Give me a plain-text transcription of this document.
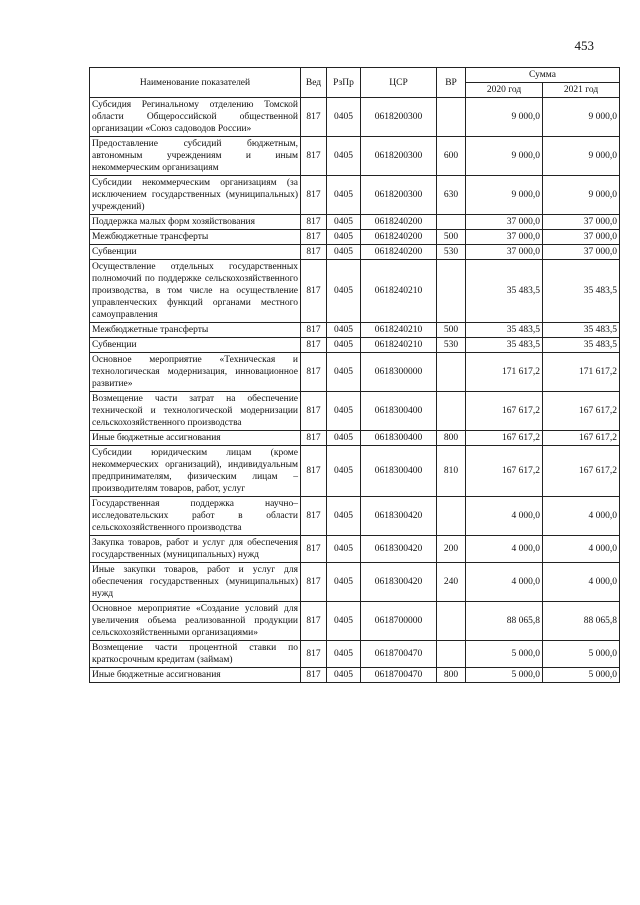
453
Наименование показателей	Вед	РзПр	ЦСР	ВР	Сумма	
					2020 год	2021 год
Субсидия Регинальному отделению Томской области Общероссийской общественной организации «Союз садоводов России»	817	0405	0618200300		9 000,0	9 000,0
Предоставление субсидий бюджетным, автономным учреждениям и иным некоммерческим организациям	817	0405	0618200300	600	9 000,0	9 000,0
Субсидии некоммерческим организациям (за исключением государственных (муниципальных) учреждений)	817	0405	0618200300	630	9 000,0	9 000,0
Поддержка малых форм хозяйствования	817	0405	0618240200		37 000,0	37 000,0
Межбюджетные трансферты	817	0405	0618240200	500	37 000,0	37 000,0
Субвенции	817	0405	0618240200	530	37 000,0	37 000,0
Осуществление отдельных государственных полномочий по поддержке сельскохозяйственного производства, в том числе на осуществление управленческих функций органами местного самоуправления	817	0405	0618240210		35 483,5	35 483,5
Межбюджетные трансферты	817	0405	0618240210	500	35 483,5	35 483,5
Субвенции	817	0405	0618240210	530	35 483,5	35 483,5
Основное мероприятие «Техническая и технологическая модернизация, инновационное развитие»	817	0405	0618300000		171 617,2	171 617,2
Возмещение части затрат на обеспечение технической и технологической модернизации сельскохозяйственного производства	817	0405	0618300400		167 617,2	167 617,2
Иные бюджетные ассигнования	817	0405	0618300400	800	167 617,2	167 617,2
Субсидии юридическим лицам (кроме некоммерческих организаций), индивидуальным предпринимателям, физическим лицам – производителям товаров, работ, услуг	817	0405	0618300400	810	167 617,2	167 617,2
Государственная поддержка научно–исследовательских работ в области сельскохозяйственного производства	817	0405	0618300420		4 000,0	4 000,0
Закупка товаров, работ и услуг для обеспечения государственных (муниципальных) нужд	817	0405	0618300420	200	4 000,0	4 000,0
Иные закупки товаров, работ и услуг для обеспечения государственных (муниципальных) нужд	817	0405	0618300420	240	4 000,0	4 000,0
Основное мероприятие «Создание условий для увеличения объема реализованной продукции сельскохозяйственными организациями»	817	0405	0618700000		88 065,8	88 065,8
Возмещение части процентной ставки по краткосрочным кредитам (займам)	817	0405	0618700470		5 000,0	5 000,0
Иные бюджетные ассигнования	817	0405	0618700470	800	5 000,0	5 000,0
